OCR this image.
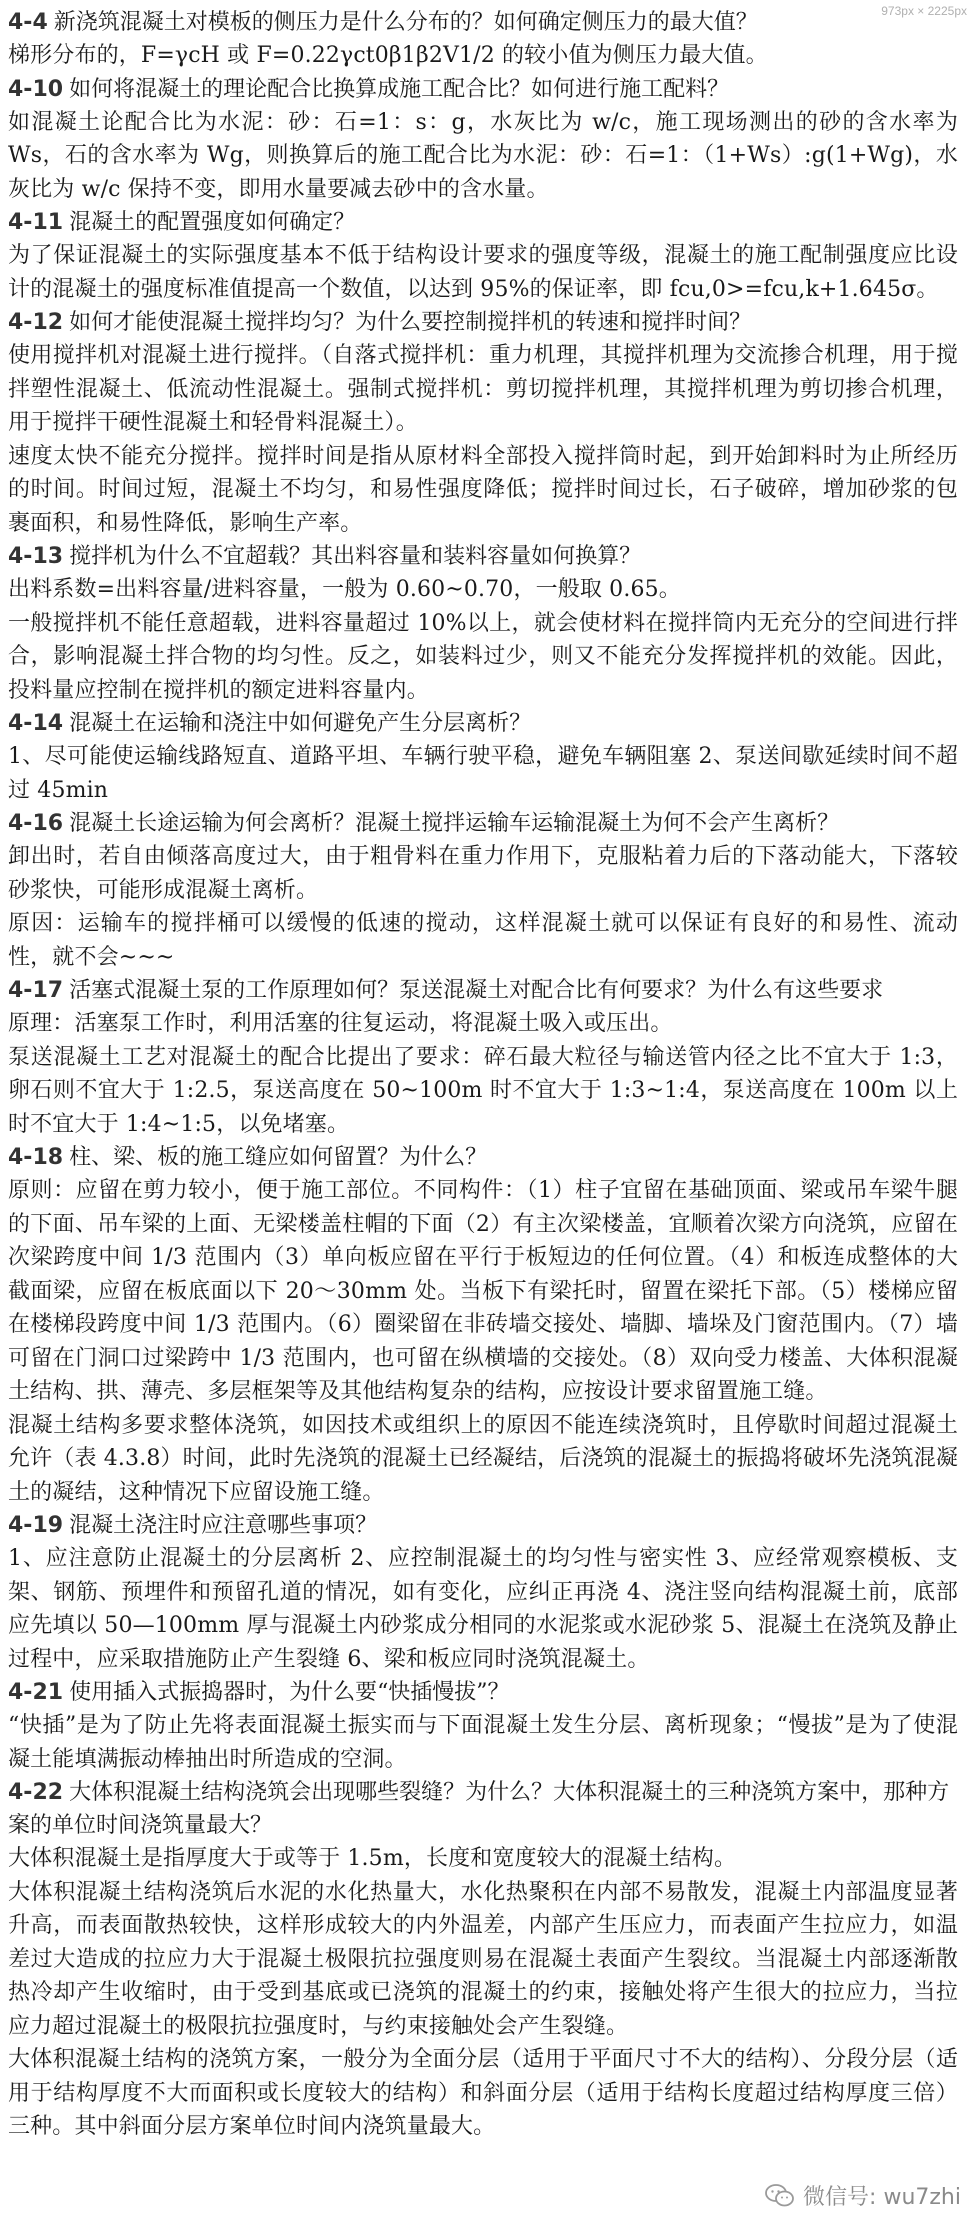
973px × 2225px

4-4 新浇筑混凝土对模板的侧压力是什么分布的？如何确定侧压力的最大值？

梯形分布的，F=γcH 或 F=0.22γct0β1β2V1/2 的较小值为侧压力最大值。

4-10 如何将混凝土的理论配合比换算成施工配合比？如何进行施工配料？

如混凝土论配合比为水泥：砂：石=1：s：g，水灰比为 w/c，施工现场测出的砂的含水率为 Ws，石的含水率为 Wg，则换算后的施工配合比为水泥：砂：石=1：（1+Ws）:g(1+Wg)，水灰比为 w/c 保持不变，即用水量要减去砂中的含水量。

4-11 混凝土的配置强度如何确定？

为了保证混凝土的实际强度基本不低于结构设计要求的强度等级，混凝土的施工配制强度应比设计的混凝土的强度标准值提高一个数值，以达到 95%的保证率，即 fcu,0>=fcu,k+1.645σ。

4-12 如何才能使混凝土搅拌均匀？为什么要控制搅拌机的转速和搅拌时间？

使用搅拌机对混凝土进行搅拌。（自落式搅拌机：重力机理，其搅拌机理为交流掺合机理，用于搅拌塑性混凝土、低流动性混凝土。强制式搅拌机：剪切搅拌机理，其搅拌机理为剪切掺合机理，用于搅拌干硬性混凝土和轻骨料混凝土）。

速度太快不能充分搅拌。搅拌时间是指从原材料全部投入搅拌筒时起，到开始卸料时为止所经历的时间。时间过短，混凝土不均匀，和易性强度降低；搅拌时间过长，石子破碎，增加砂浆的包裹面积，和易性降低，影响生产率。

4-13 搅拌机为什么不宜超载？其出料容量和装料容量如何换算？

出料系数=出料容量/进料容量，一般为 0.60~0.70，一般取 0.65。

一般搅拌机不能任意超载，进料容量超过 10%以上，就会使材料在搅拌筒内无充分的空间进行拌合，影响混凝土拌合物的均匀性。反之，如装料过少，则又不能充分发挥搅拌机的效能。因此，投料量应控制在搅拌机的额定进料容量内。

4-14 混凝土在运输和浇注中如何避免产生分层离析？

1、尽可能使运输线路短直、道路平坦、车辆行驶平稳，避免车辆阻塞 2、泵送间歇延续时间不超过 45min

4-16 混凝土长途运输为何会离析？混凝土搅拌运输车运输混凝土为何不会产生离析？

卸出时，若自由倾落高度过大，由于粗骨料在重力作用下，克服粘着力后的下落动能大，下落较砂浆快，可能形成混凝土离析。

原因：运输车的搅拌桶可以缓慢的低速的搅动，这样混凝土就可以保证有良好的和易性、流动性，就不会~~~

4-17 活塞式混凝土泵的工作原理如何？泵送混凝土对配合比有何要求？为什么有这些要求

原理：活塞泵工作时，利用活塞的往复运动，将混凝土吸入或压出。

泵送混凝土工艺对混凝土的配合比提出了要求：碎石最大粒径与输送管内径之比不宜大于 1:3，卵石则不宜大于 1:2.5，泵送高度在 50~100m 时不宜大于 1:3~1:4，泵送高度在 100m 以上时不宜大于 1:4~1:5，以免堵塞。

4-18 柱、梁、板的施工缝应如何留置？为什么？

原则：应留在剪力较小，便于施工部位。不同构件：（1）柱子宜留在基础顶面、梁或吊车梁牛腿的下面、吊车梁的上面、无梁楼盖柱帽的下面（2）有主次梁楼盖，宜顺着次梁方向浇筑，应留在次梁跨度中间 1/3 范围内（3）单向板应留在平行于板短边的任何位置。（4）和板连成整体的大截面梁，应留在板底面以下 20～30mm 处。当板下有梁托时，留置在梁托下部。（5）楼梯应留在楼梯段跨度中间 1/3 范围内。（6）圈梁留在非砖墙交接处、墙脚、墙垛及门窗范围内。（7）墙可留在门洞口过梁跨中 1/3 范围内，也可留在纵横墙的交接处。（8）双向受力楼盖、大体积混凝土结构、拱、薄壳、多层框架等及其他结构复杂的结构，应按设计要求留置施工缝。

混凝土结构多要求整体浇筑，如因技术或组织上的原因不能连续浇筑时，且停歇时间超过混凝土允许（表 4.3.8）时间，此时先浇筑的混凝土已经凝结，后浇筑的混凝土的振捣将破坏先浇筑混凝土的凝结，这种情况下应留设施工缝。

4-19 混凝土浇注时应注意哪些事项？

1、应注意防止混凝土的分层离析 2、应控制混凝土的均匀性与密实性 3、应经常观察模板、支架、钢筋、预埋件和预留孔道的情况，如有变化，应纠正再浇 4、浇注竖向结构混凝土前，底部应先填以 50—100mm 厚与混凝土内砂浆成分相同的水泥浆或水泥砂浆 5、混凝土在浇筑及静止过程中，应采取措施防止产生裂缝 6、梁和板应同时浇筑混凝土。

4-21 使用插入式振捣器时，为什么要“快插慢拔”？

“快插”是为了防止先将表面混凝土振实而与下面混凝土发生分层、离析现象；“慢拔”是为了使混凝土能填满振动棒抽出时所造成的空洞。

4-22 大体积混凝土结构浇筑会出现哪些裂缝？为什么？大体积混凝土的三种浇筑方案中，那种方案的单位时间浇筑量最大？

大体积混凝土是指厚度大于或等于 1.5m，长度和宽度较大的混凝土结构。

大体积混凝土结构浇筑后水泥的水化热量大，水化热聚积在内部不易散发，混凝土内部温度显著升高，而表面散热较快，这样形成较大的内外温差，内部产生压应力，而表面产生拉应力，如温差过大造成的拉应力大于混凝土极限抗拉强度则易在混凝土表面产生裂纹。当混凝土内部逐渐散热冷却产生收缩时，由于受到基底或已浇筑的混凝土的约束，接触处将产生很大的拉应力，当拉应力超过混凝土的极限抗拉强度时，与约束接触处会产生裂缝。

大体积混凝土结构的浇筑方案，一般分为全面分层（适用于平面尺寸不大的结构）、分段分层（适用于结构厚度不大而面积或长度较大的结构）和斜面分层（适用于结构长度超过结构厚度三倍）三种。其中斜面分层方案单位时间内浇筑量最大。

微信号: wu7zhi
